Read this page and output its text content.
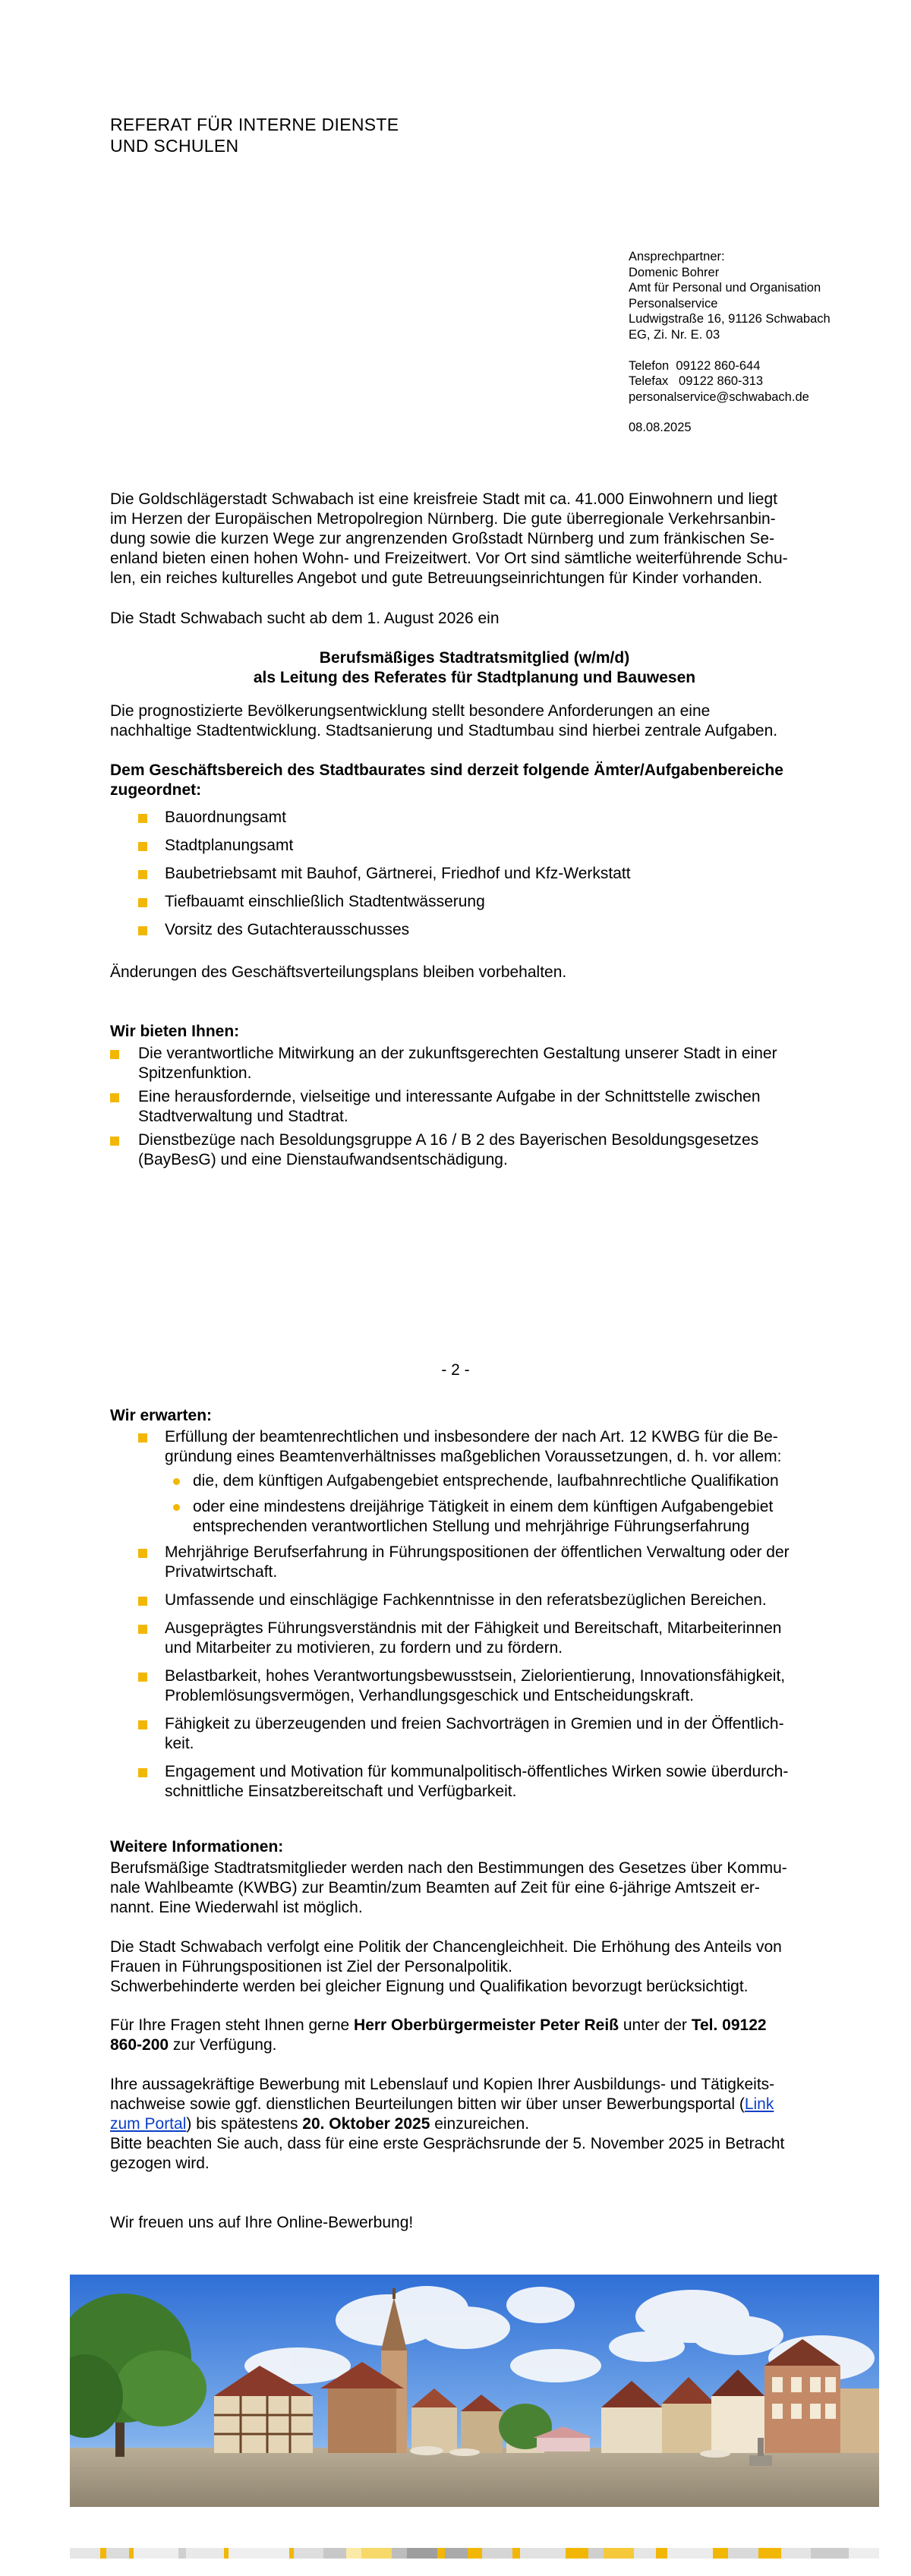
REFERAT FÜR INTERNE DIENSTE
UND SCHULEN
Ansprechpartner:
Domenic Bohrer
Amt für Personal und Organisation
Personalservice
Ludwigstraße 16, 91126 Schwabach
EG, Zi. Nr. E. 03
Telefon 09122 860-644
Telefax 09122 860-313
personalservice@schwabach.de
08.08.2025
Die Goldschlägerstadt Schwabach ist eine kreisfreie Stadt mit ca. 41.000 Einwohnern und liegt
im Herzen der Europäischen Metropolregion Nürnberg. Die gute überregionale Verkehrsanbin-
dung sowie die kurzen Wege zur angrenzenden Großstadt Nürnberg und zum fränkischen Se-
enland bieten einen hohen Wohn- und Freizeitwert. Vor Ort sind sämtliche weiterführende Schu-
len, ein reiches kulturelles Angebot und gute Betreuungseinrichtungen für Kinder vorhanden.
Die Stadt Schwabach sucht ab dem 1. August 2026 ein
Berufsmäßiges Stadtratsmitglied (w/m/d)
als Leitung des Referates für Stadtplanung und Bauwesen
Die prognostizierte Bevölkerungsentwicklung stellt besondere Anforderungen an eine
nachhaltige Stadtentwicklung. Stadtsanierung und Stadtumbau sind hierbei zentrale Aufgaben.
Dem Geschäftsbereich des Stadtbaurates sind derzeit folgende Ämter/Aufgabenbereiche
zugeordnet:
Bauordnungsamt
Stadtplanungsamt
Baubetriebsamt mit Bauhof, Gärtnerei, Friedhof und Kfz-Werkstatt
Tiefbauamt einschließlich Stadtentwässerung
Vorsitz des Gutachterausschusses
Änderungen des Geschäftsverteilungsplans bleiben vorbehalten.
Wir bieten Ihnen:
Die verantwortliche Mitwirkung an der zukunftsgerechten Gestaltung unserer Stadt in einer
Spitzenfunktion.
Eine herausfordernde, vielseitige und interessante Aufgabe in der Schnittstelle zwischen
Stadtverwaltung und Stadtrat.
Dienstbezüge nach Besoldungsgruppe A 16 / B 2 des Bayerischen Besoldungsgesetzes
(BayBesG) und eine Dienstaufwandsentschädigung.
- 2 -
Wir erwarten:
Erfüllung der beamtenrechtlichen und insbesondere der nach Art. 12 KWBG für die Be-
gründung eines Beamtenverhältnisses maßgeblichen Voraussetzungen, d. h. vor allem:
die, dem künftigen Aufgabengebiet entsprechende, laufbahnrechtliche Qualifikation
oder eine mindestens dreijährige Tätigkeit in einem dem künftigen Aufgabengebiet
entsprechenden verantwortlichen Stellung und mehrjährige Führungserfahrung
Mehrjährige Berufserfahrung in Führungspositionen der öffentlichen Verwaltung oder der
Privatwirtschaft.
Umfassende und einschlägige Fachkenntnisse in den referatsbezüglichen Bereichen.
Ausgeprägtes Führungsverständnis mit der Fähigkeit und Bereitschaft, Mitarbeiterinnen
und Mitarbeiter zu motivieren, zu fordern und zu fördern.
Belastbarkeit, hohes Verantwortungsbewusstsein, Zielorientierung, Innovationsfähigkeit,
Problemlösungsvermögen, Verhandlungsgeschick und Entscheidungskraft.
Fähigkeit zu überzeugenden und freien Sachvorträgen in Gremien und in der Öffentlich-
keit.
Engagement und Motivation für kommunalpolitisch-öffentliches Wirken sowie überdurch-
schnittliche Einsatzbereitschaft und Verfügbarkeit.
Weitere Informationen:
Berufsmäßige Stadtratsmitglieder werden nach den Bestimmungen des Gesetzes über Kommu-
nale Wahlbeamte (KWBG) zur Beamtin/zum Beamten auf Zeit für eine 6-jährige Amtszeit er-
nannt. Eine Wiederwahl ist möglich.
Die Stadt Schwabach verfolgt eine Politik der Chancengleichheit. Die Erhöhung des Anteils von
Frauen in Führungspositionen ist Ziel der Personalpolitik.
Schwerbehinderte werden bei gleicher Eignung und Qualifikation bevorzugt berücksichtigt.
Für Ihre Fragen steht Ihnen gerne Herr Oberbürgermeister Peter Reiß unter der Tel. 09122
860-200 zur Verfügung.
Ihre aussagekräftige Bewerbung mit Lebenslauf und Kopien Ihrer Ausbildungs- und Tätigkeits-
nachweise sowie ggf. dienstlichen Beurteilungen bitten wir über unser Bewerbungsportal (Link
zum Portal) bis spätestens 20. Oktober 2025 einzureichen.
Bitte beachten Sie auch, dass für eine erste Gesprächsrunde der 5. November 2025 in Betracht
gezogen wird.
Wir freuen uns auf Ihre Online-Bewerbung!
